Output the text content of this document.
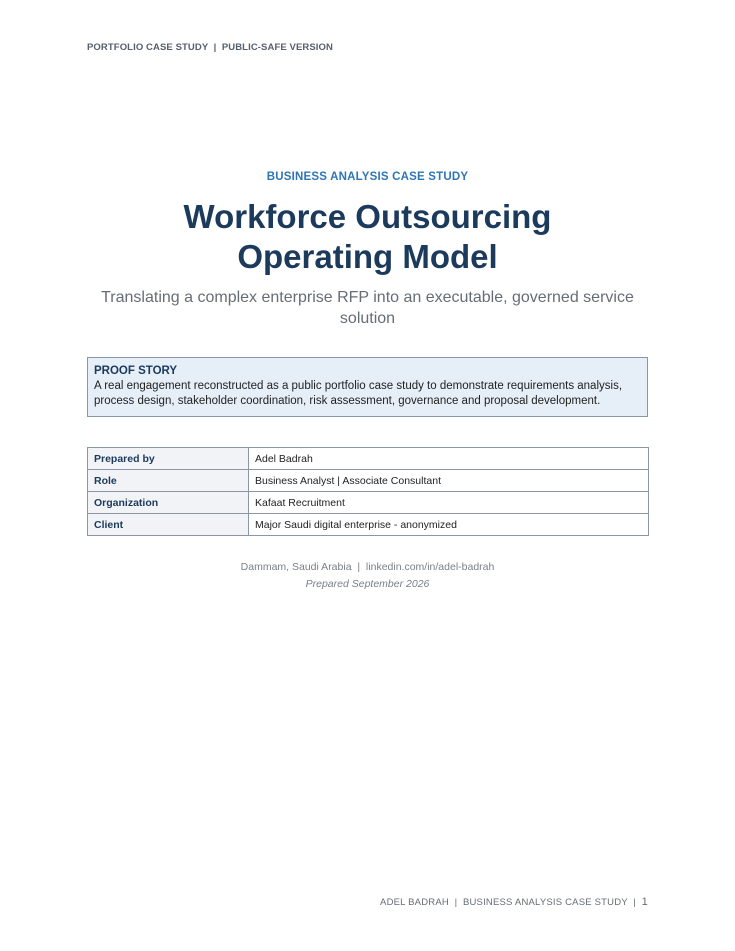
PORTFOLIO CASE STUDY  |  PUBLIC-SAFE VERSION
BUSINESS ANALYSIS CASE STUDY
Workforce Outsourcing
Operating Model
Translating a complex enterprise RFP into an executable, governed service solution
PROOF STORY
A real engagement reconstructed as a public portfolio case study to demonstrate requirements analysis, process design, stakeholder coordination, risk assessment, governance and proposal development.
Prepared by	Adel Badrah
Role	Business Analyst | Associate Consultant
Organization	Kafaat Recruitment
Client	Major Saudi digital enterprise - anonymized
Dammam, Saudi Arabia  |  linkedin.com/in/adel-badrah
Prepared September 2026
ADEL BADRAH  |  BUSINESS ANALYSIS CASE STUDY  |  1
